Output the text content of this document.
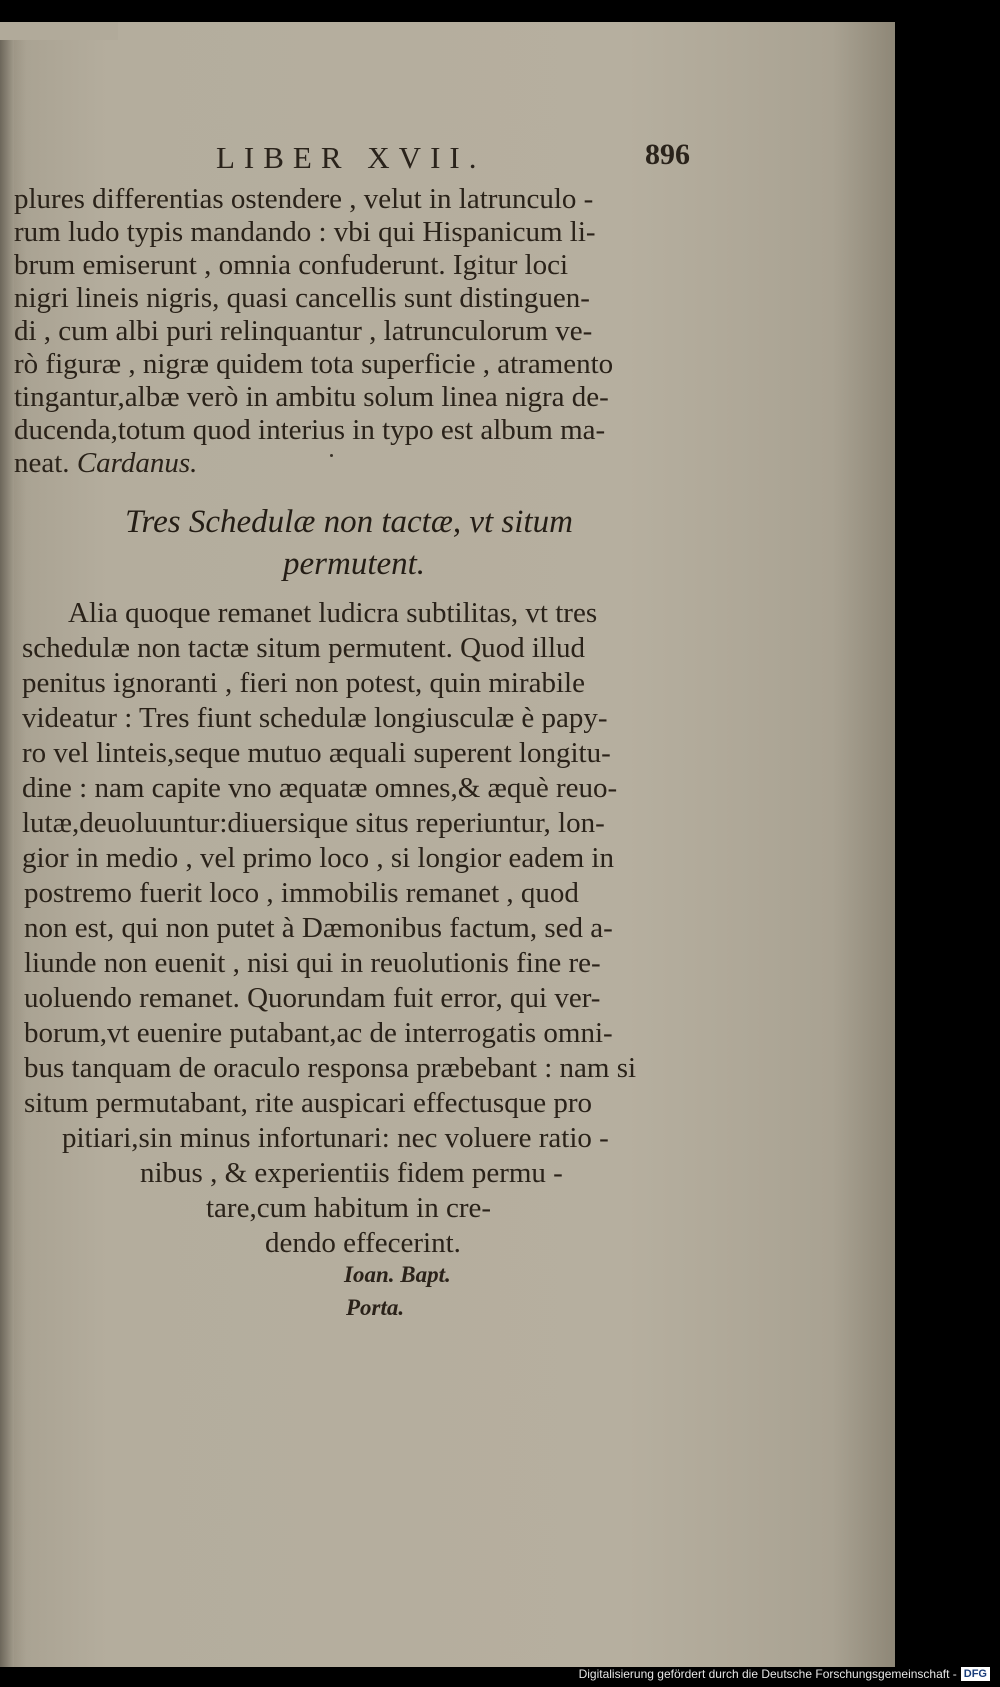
LIBER XVII.	896
plures differentias ostendere , velut in latrunculo -
rum ludo typis mandando : vbi qui Hispanicum li-
brum emiserunt , omnia confuderunt. Igitur loci
nigri lineis nigris, quasi cancellis sunt distinguen-
di , cum albi puri relinquantur , latrunculorum ve-
rò figuræ , nigræ quidem tota superficie , atramento
tingantur,albæ verò in ambitu solum linea nigra de-
ducenda,totum quod interius in typo est album ma-
neat. Cardanus.
Tres Schedulæ non tactæ, vt situm
permutent.
Alia quoque remanet ludicra subtilitas, vt tres
schedulæ non tactæ situm permutent. Quod illud
penitus ignoranti , fieri non potest, quin mirabile
videatur : Tres fiunt schedulæ longiusculæ è papy-
ro vel linteis,seque mutuo æquali superent longitu-
dine : nam capite vno æquatæ omnes,& æquè reuo-
lutæ,deuoluuntur:diuersique situs reperiuntur, lon-
gior in medio , vel primo loco , si longior eadem in
postremo fuerit loco , immobilis remanet , quod
non est, qui non putet à Dæmonibus factum, sed a-
liunde non euenit , nisi qui in reuolutionis fine re-
uoluendo remanet. Quorundam fuit error, qui ver-
borum,vt euenire putabant,ac de interrogatis omni-
bus tanquam de oraculo responsa præbebant : nam si
situm permutabant, rite auspicari effectusque pro
pitiari,sin minus infortunari: nec voluere ratio -
nibus , & experientiis fidem permu -
tare,cum habitum in cre-
dendo effecerint.
Ioan. Bapt.
Porta.
Digitalisierung gefördert durch die Deutsche Forschungsgemeinschaft - DFG
